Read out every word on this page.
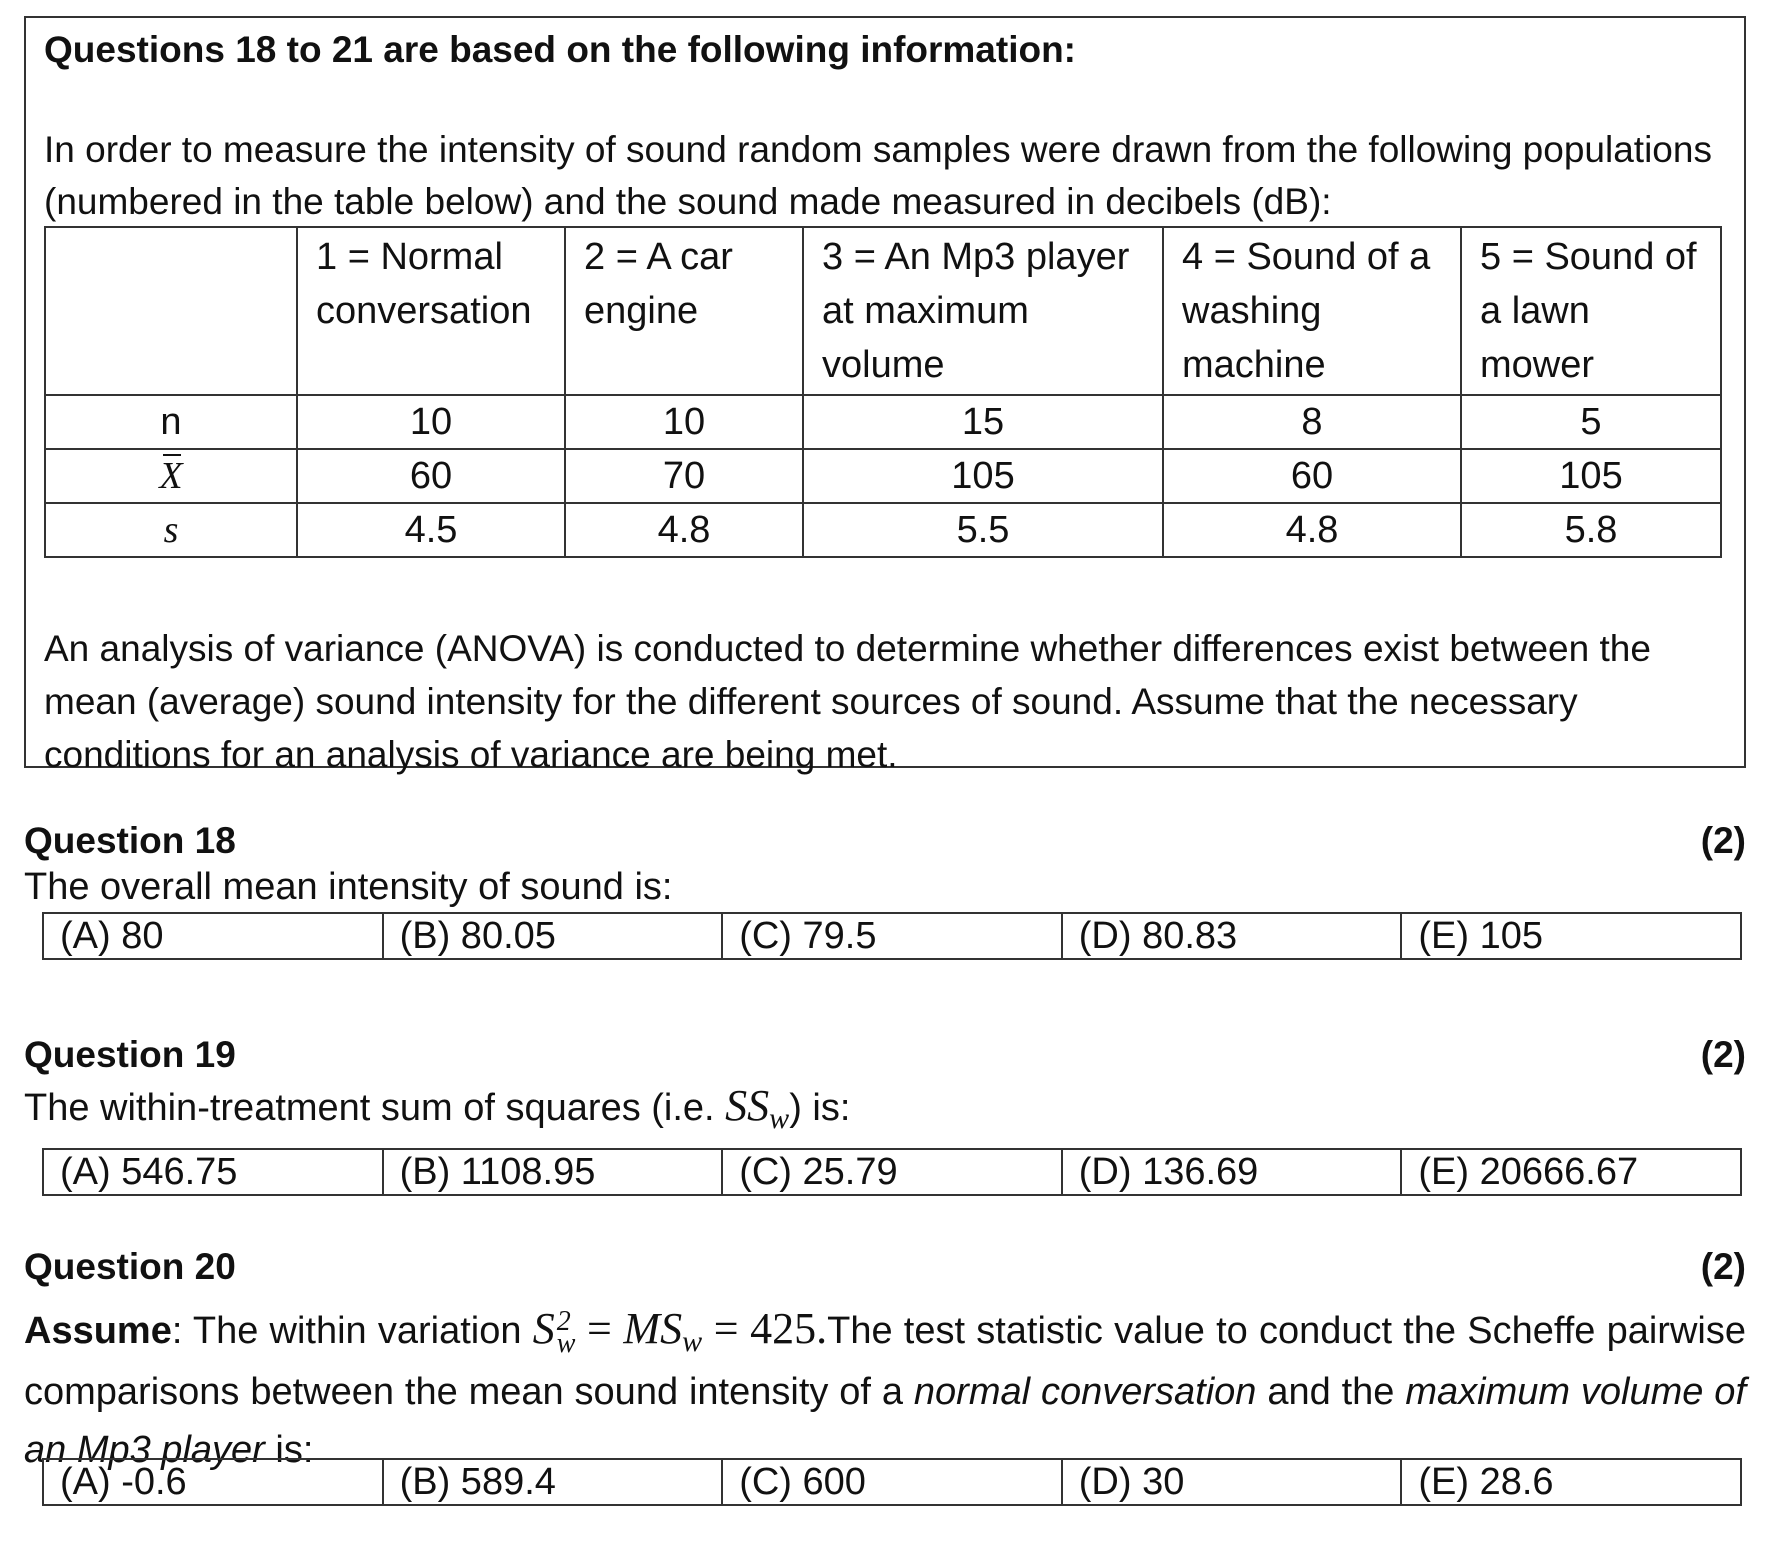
Questions 18 to 21 are based on the following information:
In order to measure the intensity of sound random samples were drawn from the following populations (numbered in the table below) and the sound made measured in decibels (dB):
	1 = Normal conversation	2 = A car engine	3 = An Mp3 player at maximum volume	4 = Sound of a washing machine	5 = Sound of a lawn mower
n	10	10	15	8	5
X	60	70	105	60	105
s	4.5	4.8	5.5	4.8	5.8
An analysis of variance (ANOVA) is conducted to determine whether differences exist between the mean (average) sound intensity for the different sources of sound. Assume that the necessary conditions for an analysis of variance are being met.
Question 18	(2)
The overall mean intensity of sound is:
(A) 80	(B) 80.05	(C) 79.5	(D) 80.83	(E) 105
Question 19	(2)
The within-treatment sum of squares (i.e. $SS_w$) is:
(A) 546.75	(B) 1108.95	(C) 25.79	(D) 136.69	(E) 20666.67
Question 20	(2)
Assume: The within variation S 2
$w = MS_w = 425.The$ test statistic value to conduct the Scheffe pairwise comparisons between the mean sound intensity of a normal conversation and the maximum volume of an Mp3 player is:
(A) -0.6	(B) 589.4	(C) 600	(D) 30	(E) 28.6
